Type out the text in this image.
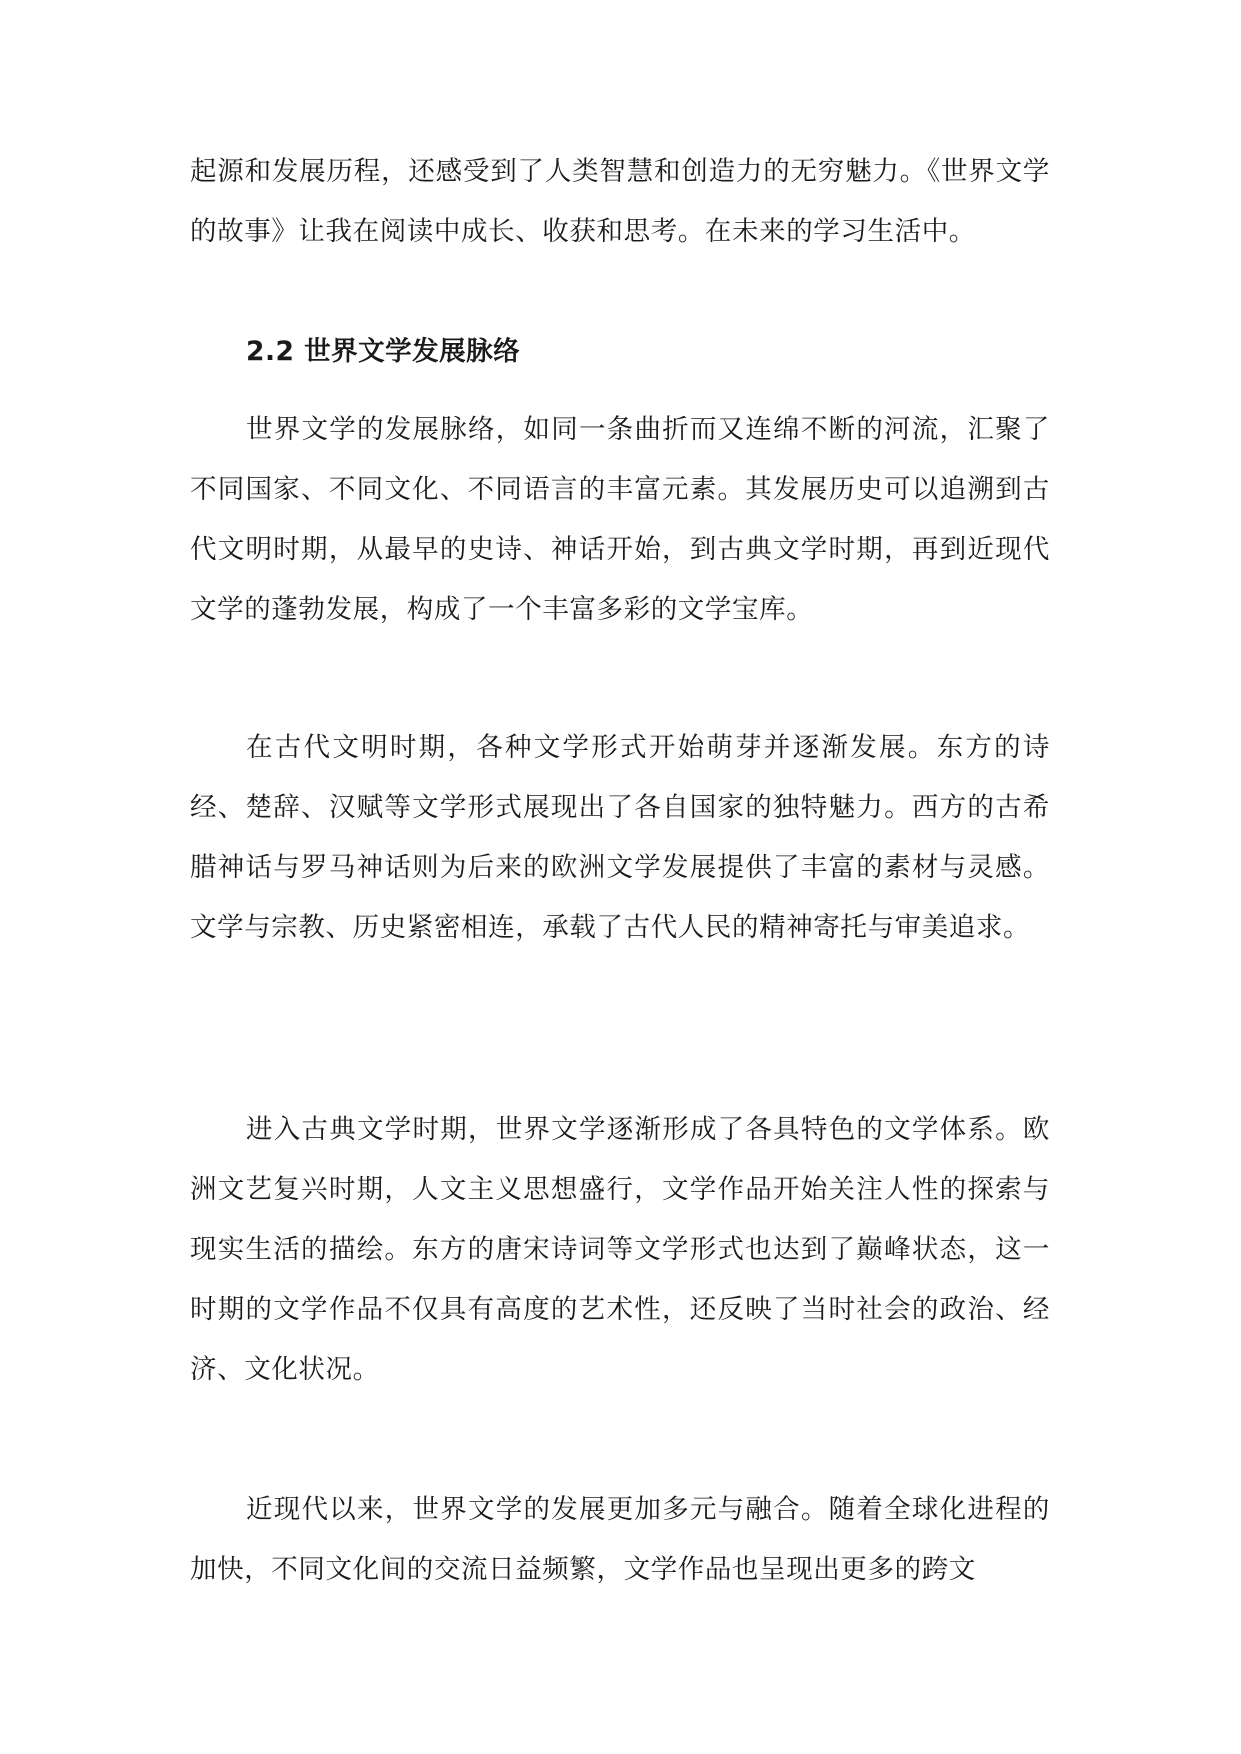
起源和发展历程，还感受到了人类智慧和创造力的无穷魅力。《世界文学的故事》让我在阅读中成长、收获和思考。在未来的学习生活中。

2.2 世界文学发展脉络

世界文学的发展脉络，如同一条曲折而又连绵不断的河流，汇聚了不同国家、不同文化、不同语言的丰富元素。其发展历史可以追溯到古代文明时期，从最早的史诗、神话开始，到古典文学时期，再到近现代文学的蓬勃发展，构成了一个丰富多彩的文学宝库。

在古代文明时期，各种文学形式开始萌芽并逐渐发展。东方的诗经、楚辞、汉赋等文学形式展现出了各自国家的独特魅力。西方的古希腊神话与罗马神话则为后来的欧洲文学发展提供了丰富的素材与灵感。文学与宗教、历史紧密相连，承载了古代人民的精神寄托与审美追求。

进入古典文学时期，世界文学逐渐形成了各具特色的文学体系。欧洲文艺复兴时期，人文主义思想盛行，文学作品开始关注人性的探索与现实生活的描绘。东方的唐宋诗词等文学形式也达到了巅峰状态，这一时期的文学作品不仅具有高度的艺术性，还反映了当时社会的政治、经济、文化状况。

近现代以来，世界文学的发展更加多元与融合。随着全球化进程的加快，不同文化间的交流日益频繁，文学作品也呈现出更多的跨文
